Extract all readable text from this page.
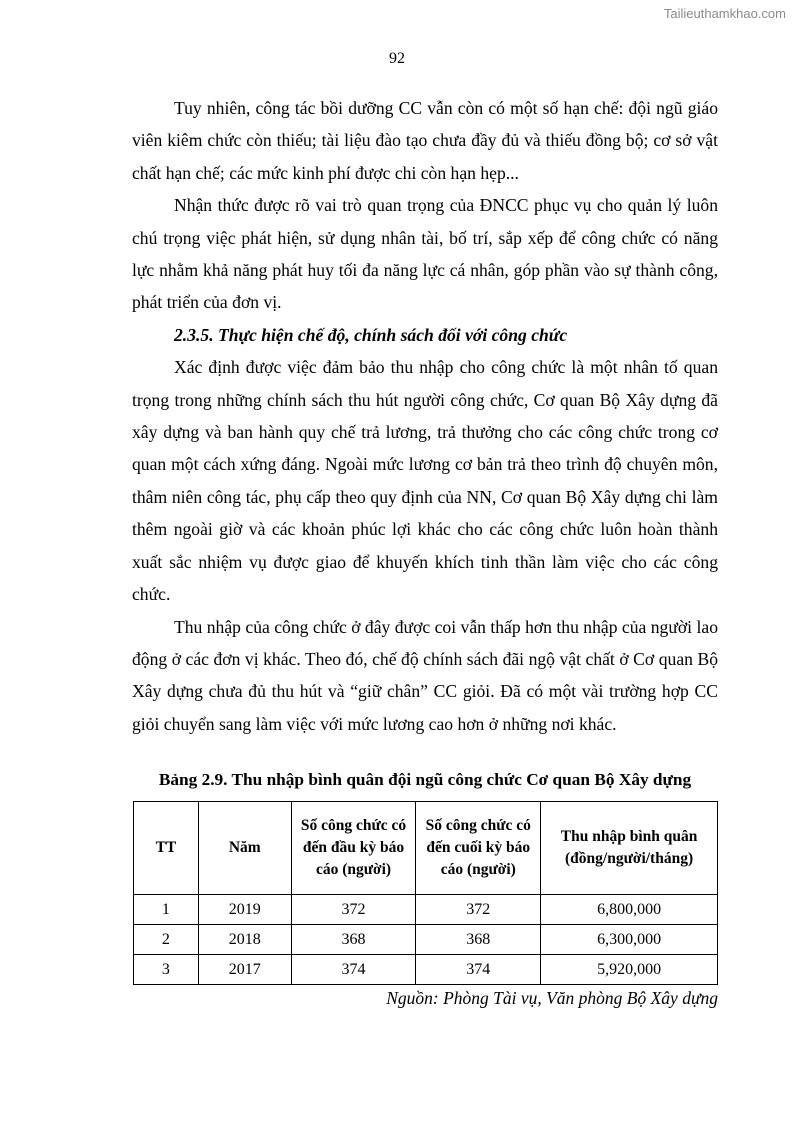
Tailieuthamkhao.com
92

Tuy nhiên, công tác bồi dưỡng CC vẫn còn có một số hạn chế: đội ngũ giáo viên kiêm chức còn thiếu; tài liệu đào tạo chưa đầy đủ và thiếu đồng bộ; cơ sở vật chất hạn chế; các mức kinh phí được chi còn hạn hẹp...

Nhận thức được rõ vai trò quan trọng của ĐNCC phục vụ cho quản lý luôn chú trọng việc phát hiện, sử dụng nhân tài, bố trí, sắp xếp để công chức có năng lực nhằm khả năng phát huy tối đa năng lực cá nhân, góp phần vào sự thành công, phát triển của đơn vị.

2.3.5. Thực hiện chế độ, chính sách đối với công chức

Xác định được việc đảm bảo thu nhập cho công chức là một nhân tố quan trọng trong những chính sách thu hút người công chức, Cơ quan Bộ Xây dựng đã xây dựng và ban hành quy chế trả lương, trả thưởng cho các công chức trong cơ quan một cách xứng đáng. Ngoài mức lương cơ bản trả theo trình độ chuyên môn, thâm niên công tác, phụ cấp theo quy định của NN, Cơ quan Bộ Xây dựng chi làm thêm ngoài giờ và các khoản phúc lợi khác cho các công chức luôn hoàn thành xuất sắc nhiệm vụ được giao để khuyến khích tinh thần làm việc cho các công chức.

Thu nhập của công chức ở đây được coi vẫn thấp hơn thu nhập của người lao động ở các đơn vị khác. Theo đó, chế độ chính sách đãi ngộ vật chất ở Cơ quan Bộ Xây dựng chưa đủ thu hút và “giữ chân” CC giỏi. Đã có một vài trường hợp CC giỏi chuyển sang làm việc với mức lương cao hơn ở những nơi khác.

Bảng 2.9. Thu nhập bình quân đội ngũ công chức Cơ quan Bộ Xây dựng
TT	Năm	Số công chức có đến đầu kỳ báo cáo (người)	Số công chức có đến cuối kỳ báo cáo (người)	Thu nhập bình quân (đồng/người/tháng)
1	2019	372	372	6,800,000
2	2018	368	368	6,300,000
3	2017	374	374	5,920,000
Nguồn: Phòng Tài vụ, Văn phòng Bộ Xây dựng
